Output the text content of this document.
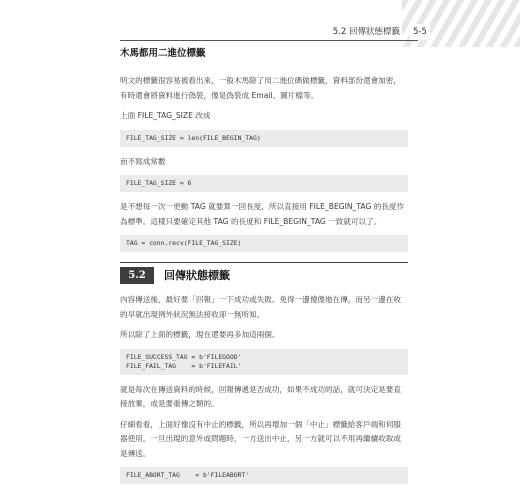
5.2 回傳狀態標籤	5-5
木馬都用二進位標籤

明文的標籤很容易被看出來，一般木馬除了用二進位碼做標籤，資料部份還會加密，有時還會將資料進行偽裝，像是偽裝成 Email、圖片檔等。

上面 FILE_TAG_SIZE 改成

FILE_TAG_SIZE = len(FILE_BEGIN_TAG)

而不寫成常數

FILE_TAG_SIZE = 6

是不想每一次一更動 TAG 就要算一回長度，所以直接用 FILE_BEGIN_TAG 的長度作為標準。這樣只要確定其他 TAG 的長度和 FILE_BEGIN_TAG 一致就可以了。

TAG = conn.recv(FILE_TAG_SIZE)
5.2	回傳狀態標籤

內容傳送後，最好要「回報」一下成功或失敗。免得一邊傻傻地在傳，而另一邊在收的早就出現例外狀況無法接收卻一無所知。

所以除了上面的標籤，現在還要再多加這兩個。

FILE_SUCCESS_TAG = b'FILEGOOD'
FILE_FAIL_TAG    = b'FILEFAIL'

就是每次在傳送資料的時候，回報傳遞是否成功，如果不成功的話，就可決定是要直接放棄，或是要重傳之類的。

仔細看看，上面好像沒有中止的標籤，所以再增加一個「中止」標籤給客戶端和伺服器使用，一旦出現的意外或問題時，一方送出中止，另一方就可以不用再繼續收取或是傳送。

FILE_ABORT_TAG    = b'FILEABORT'
